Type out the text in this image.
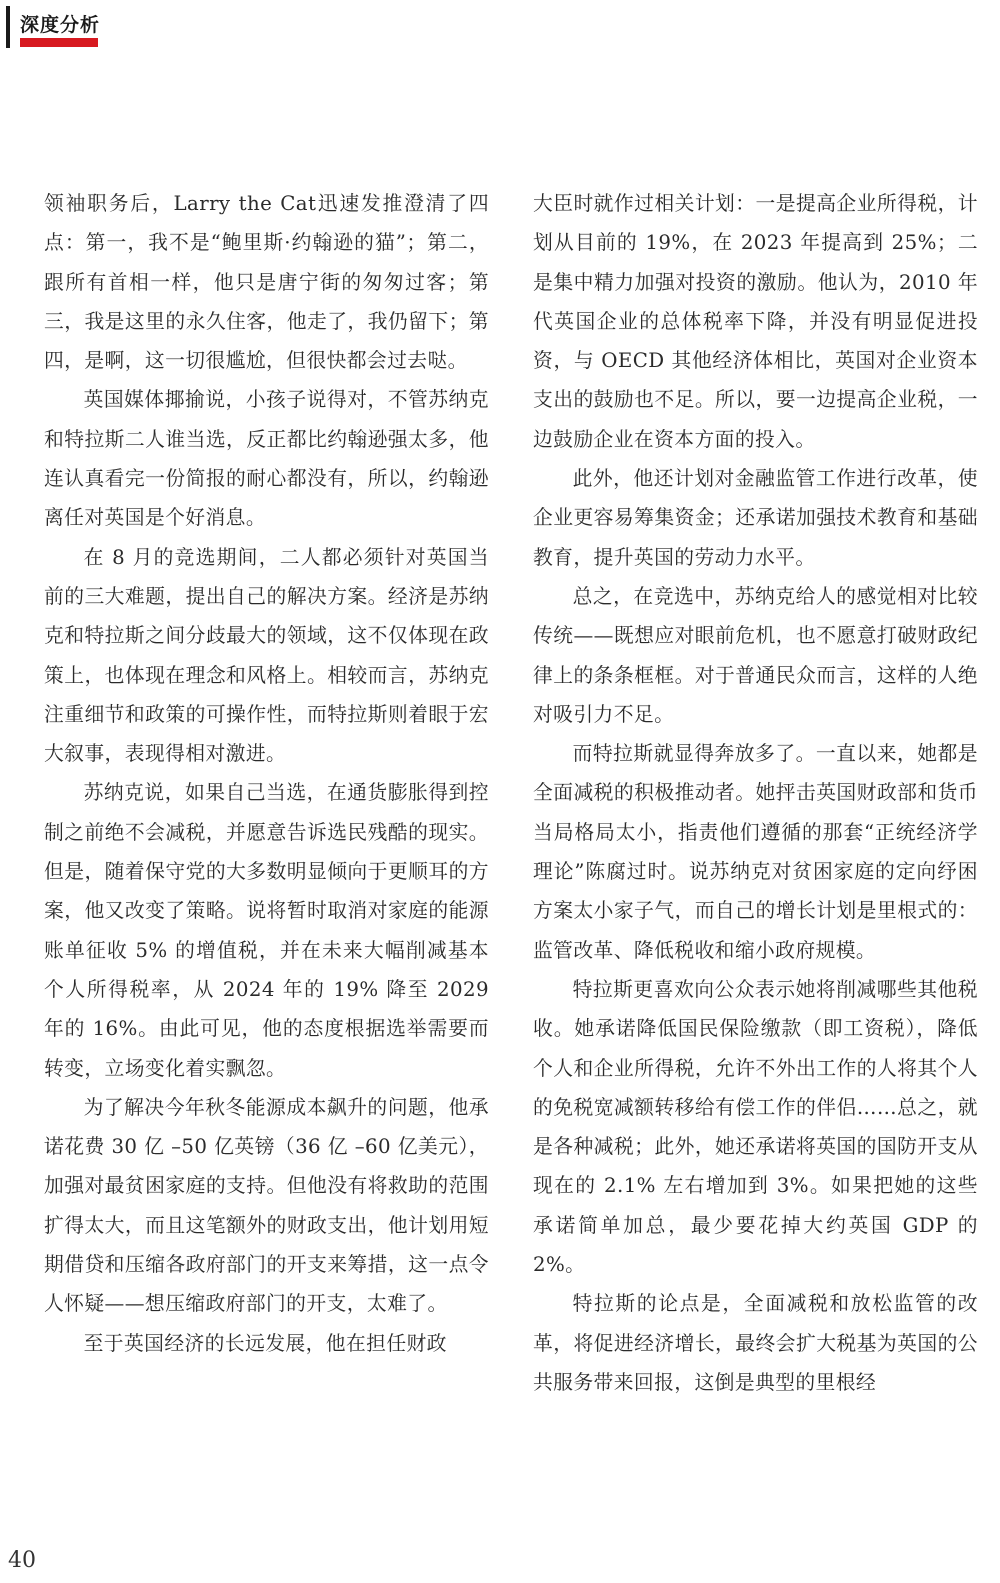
深度分析

领袖职务后，Larry the Cat迅速发推澄清了四点：第一，我不是“鲍里斯·约翰逊的猫”；第二，跟所有首相一样，他只是唐宁街的匆匆过客；第三，我是这里的永久住客，他走了，我仍留下；第四，是啊，这一切很尴尬，但很快都会过去哒。

英国媒体揶揄说，小孩子说得对，不管苏纳克和特拉斯二人谁当选，反正都比约翰逊强太多，他连认真看完一份简报的耐心都没有，所以，约翰逊离任对英国是个好消息。

在 8 月的竞选期间，二人都必须针对英国当前的三大难题，提出自己的解决方案。经济是苏纳克和特拉斯之间分歧最大的领域，这不仅体现在政策上，也体现在理念和风格上。相较而言，苏纳克注重细节和政策的可操作性，而特拉斯则着眼于宏大叙事，表现得相对激进。

苏纳克说，如果自己当选，在通货膨胀得到控制之前绝不会减税，并愿意告诉选民残酷的现实。但是，随着保守党的大多数明显倾向于更顺耳的方案，他又改变了策略。说将暂时取消对家庭的能源账单征收 5% 的增值税，并在未来大幅削减基本个人所得税率，从 2024 年的 19% 降至 2029 年的 16%。由此可见，他的态度根据选举需要而转变，立场变化着实飘忽。

为了解决今年秋冬能源成本飙升的问题，他承诺花费 30 亿 –50 亿英镑（36 亿 –60 亿美元），加强对最贫困家庭的支持。但他没有将救助的范围扩得太大，而且这笔额外的财政支出，他计划用短期借贷和压缩各政府部门的开支来筹措，这一点令人怀疑——想压缩政府部门的开支，太难了。

至于英国经济的长远发展，他在担任财政

大臣时就作过相关计划：一是提高企业所得税，计划从目前的 19%，在 2023 年提高到 25%；二是集中精力加强对投资的激励。他认为，2010 年代英国企业的总体税率下降，并没有明显促进投资，与 OECD 其他经济体相比，英国对企业资本支出的鼓励也不足。所以，要一边提高企业税，一边鼓励企业在资本方面的投入。

此外，他还计划对金融监管工作进行改革，使企业更容易筹集资金；还承诺加强技术教育和基础教育，提升英国的劳动力水平。

总之，在竞选中，苏纳克给人的感觉相对比较传统——既想应对眼前危机，也不愿意打破财政纪律上的条条框框。对于普通民众而言，这样的人绝对吸引力不足。

而特拉斯就显得奔放多了。一直以来，她都是全面减税的积极推动者。她抨击英国财政部和货币当局格局太小，指责他们遵循的那套“正统经济学理论”陈腐过时。说苏纳克对贫困家庭的定向纾困方案太小家子气，而自己的增长计划是里根式的：监管改革、降低税收和缩小政府规模。

特拉斯更喜欢向公众表示她将削减哪些其他税收。她承诺降低国民保险缴款（即工资税），降低个人和企业所得税，允许不外出工作的人将其个人的免税宽减额转移给有偿工作的伴侣……总之，就是各种减税；此外，她还承诺将英国的国防开支从现在的 2.1% 左右增加到 3%。如果把她的这些承诺简单加总，最少要花掉大约英国 GDP 的 2%。

特拉斯的论点是，全面减税和放松监管的改革，将促进经济增长，最终会扩大税基为英国的公共服务带来回报，这倒是典型的里根经

40
